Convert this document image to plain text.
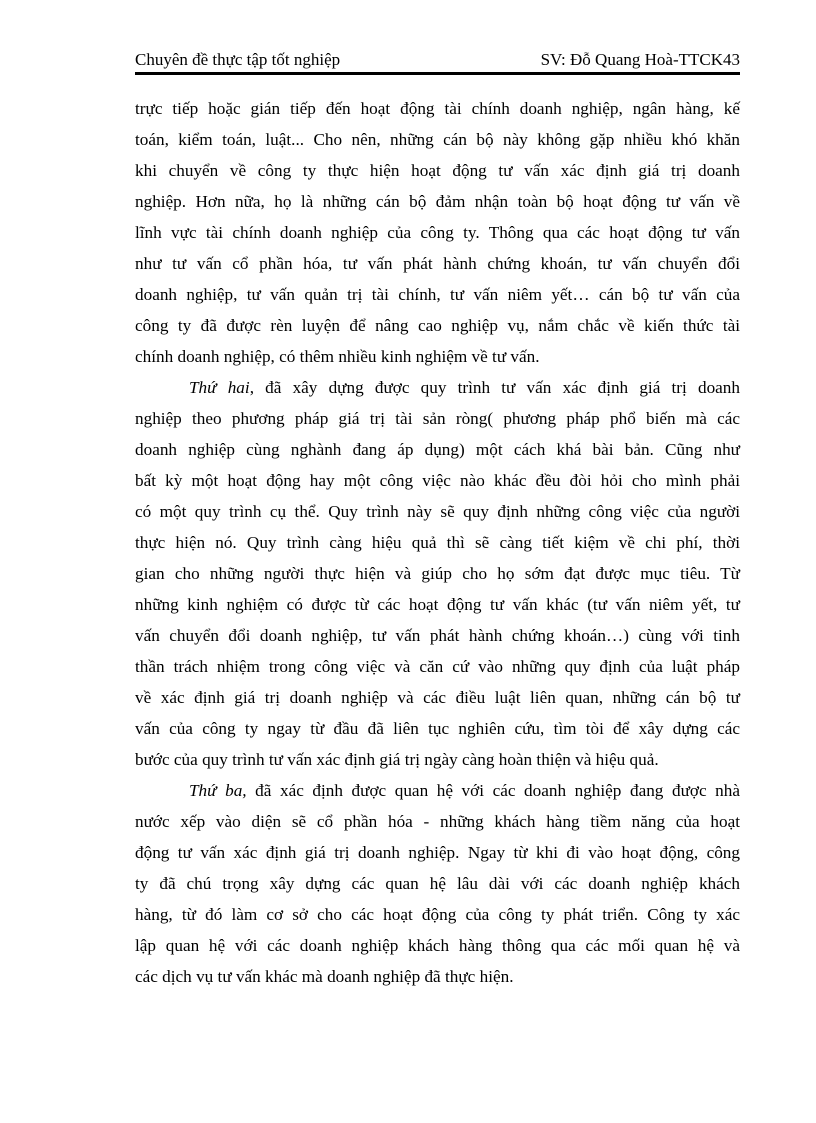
Chuyên đề thực tập tốt nghiệp	SV: Đỗ Quang Hoà-TTCK43
trực tiếp hoặc gián tiếp đến hoạt động tài chính doanh nghiệp, ngân hàng, kế
toán, kiểm toán, luật... Cho nên, những cán bộ này không gặp nhiều khó khăn
khi chuyển về công ty thực hiện hoạt động tư vấn xác định giá trị doanh
nghiệp. Hơn nữa, họ là những cán bộ đảm nhận toàn bộ hoạt động tư vấn về
lĩnh vực tài chính doanh nghiệp của công ty. Thông qua các hoạt động tư vấn
như tư vấn cổ phần hóa, tư vấn phát hành chứng khoán, tư vấn chuyển đổi
doanh nghiệp, tư vấn quản trị tài chính, tư vấn niêm yết… cán bộ tư vấn của
công ty đã được rèn luyện để nâng cao nghiệp vụ, nắm chắc về kiến thức tài
chính doanh nghiệp, có thêm nhiều kinh nghiệm về tư vấn.
Thứ hai, đã xây dựng được quy trình tư vấn xác định giá trị doanh
nghiệp theo phương pháp giá trị tài sản ròng( phương pháp phổ biến mà các
doanh nghiệp cùng nghành đang áp dụng) một cách khá bài bản. Cũng như
bất kỳ một hoạt động hay một công việc nào khác đều đòi hỏi cho mình phải
có một quy trình cụ thể. Quy trình này sẽ quy định những công việc của người
thực hiện nó. Quy trình càng hiệu quả thì sẽ càng tiết kiệm về chi phí, thời
gian cho những người thực hiện và giúp cho họ sớm đạt được mục tiêu. Từ
những kinh nghiệm có được từ các hoạt động tư vấn khác (tư vấn niêm yết, tư
vấn chuyển đổi doanh nghiệp, tư vấn phát hành chứng khoán…) cùng với tinh
thần trách nhiệm trong công việc và căn cứ vào những quy định của luật pháp
về xác định giá trị doanh nghiệp và các điều luật liên quan, những cán bộ tư
vấn của công ty ngay từ đầu đã liên tục nghiên cứu, tìm tòi để xây dựng các
bước của quy trình tư vấn xác định giá trị ngày càng hoàn thiện và hiệu quả.
Thứ ba, đã xác định được quan hệ với các doanh nghiệp đang được nhà
nước xếp vào diện sẽ cổ phần hóa - những khách hàng tiềm năng của hoạt
động tư vấn xác định giá trị doanh nghiệp. Ngay từ khi đi vào hoạt động, công
ty đã chú trọng xây dựng các quan hệ lâu dài với các doanh nghiệp khách
hàng, từ đó làm cơ sở cho các hoạt động của công ty phát triển. Công ty xác
lập quan hệ với các doanh nghiệp khách hàng thông qua các mối quan hệ và
các dịch vụ tư vấn khác mà doanh nghiệp đã thực hiện.
